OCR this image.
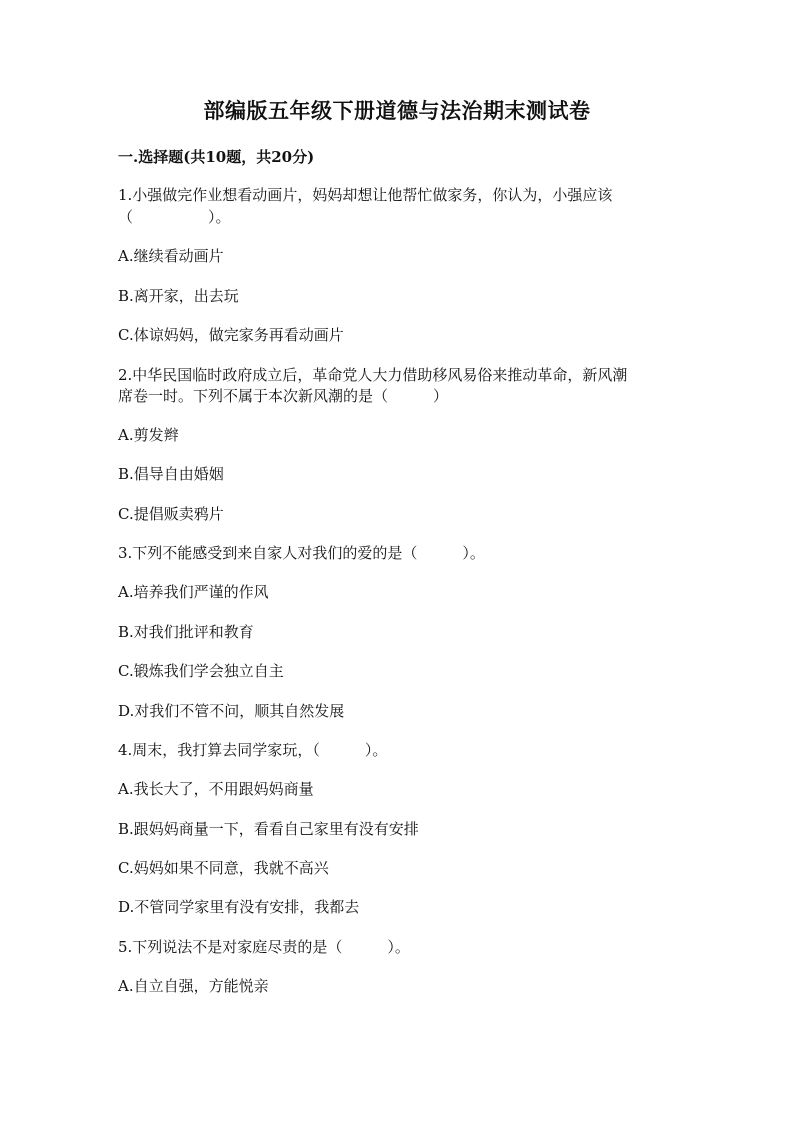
部编版五年级下册道德与法治期末测试卷
一.选择题(共10题，共20分)
1.小强做完作业想看动画片，妈妈却想让他帮忙做家务，你认为，小强应该
（　　　　　）。
A.继续看动画片
B.离开家，出去玩
C.体谅妈妈，做完家务再看动画片
2.中华民国临时政府成立后，革命党人大力借助移风易俗来推动革命，新风潮
席卷一时。下列不属于本次新风潮的是（　　　）
A.剪发辫
B.倡导自由婚姻
C.提倡贩卖鸦片
3.下列不能感受到来自家人对我们的爱的是（　　　）。
A.培养我们严谨的作风
B.对我们批评和教育
C.锻炼我们学会独立自主
D.对我们不管不问，顺其自然发展
4.周末，我打算去同学家玩，（　　　）。
A.我长大了，不用跟妈妈商量
B.跟妈妈商量一下，看看自己家里有没有安排
C.妈妈如果不同意，我就不高兴
D.不管同学家里有没有安排，我都去
5.下列说法不是对家庭尽责的是（　　　）。
A.自立自强，方能悦亲
